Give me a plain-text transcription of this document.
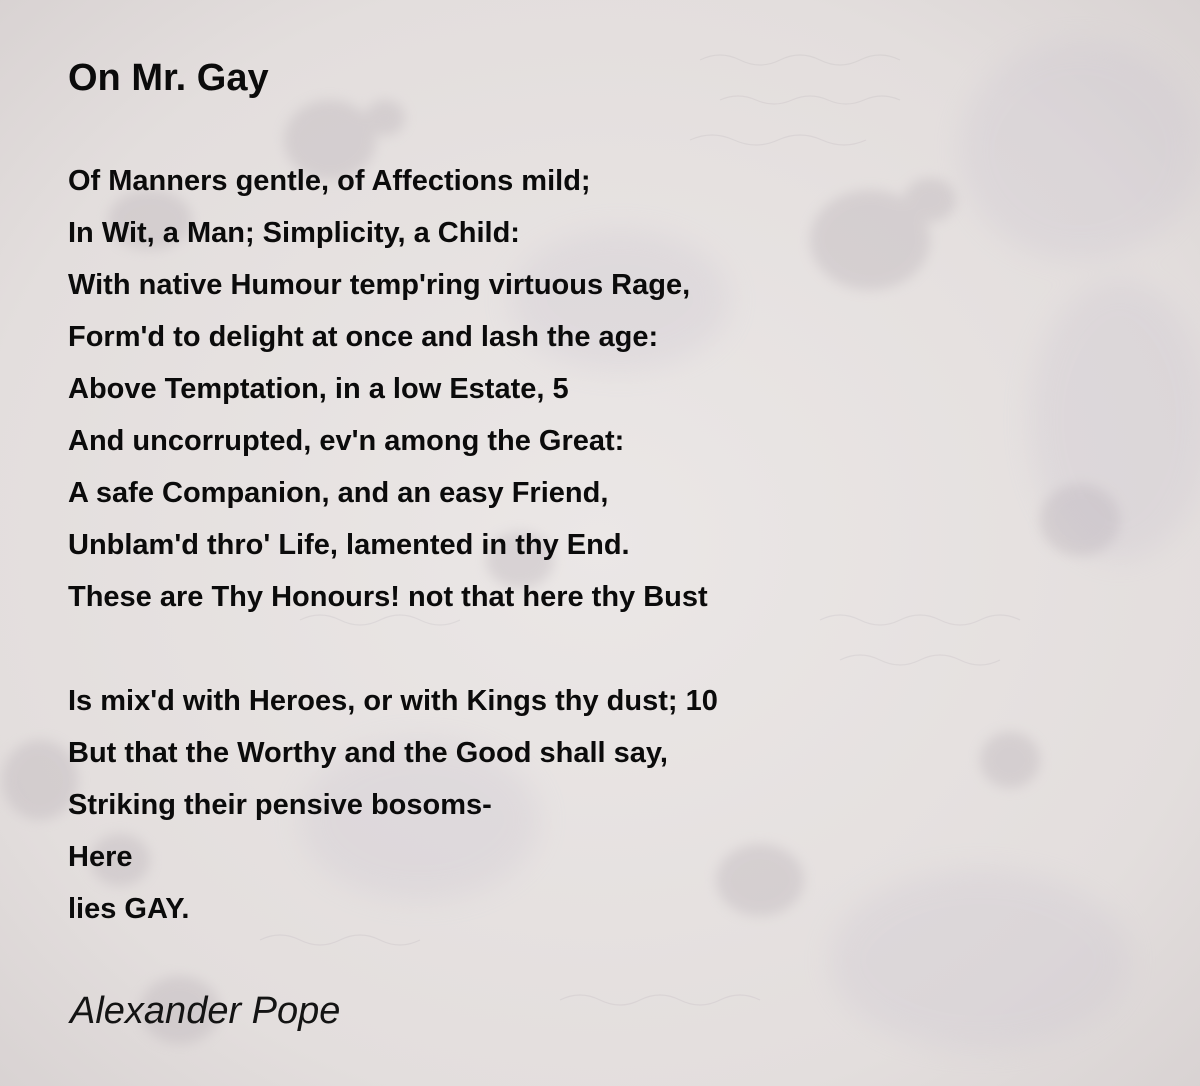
On Mr. Gay
Of Manners gentle, of Affections mild;
In Wit, a Man; Simplicity, a Child:
With native Humour temp'ring virtuous Rage,
Form'd to delight at once and lash the age:
Above Temptation, in a low Estate, 5
And uncorrupted, ev'n among the Great:
A safe Companion, and an easy Friend,
Unblam'd thro' Life, lamented in thy End.
These are Thy Honours! not that here thy Bust
Is mix'd with Heroes, or with Kings thy dust; 10
But that the Worthy and the Good shall say,
Striking their pensive bosoms-
Here
lies GAY.
Alexander Pope
